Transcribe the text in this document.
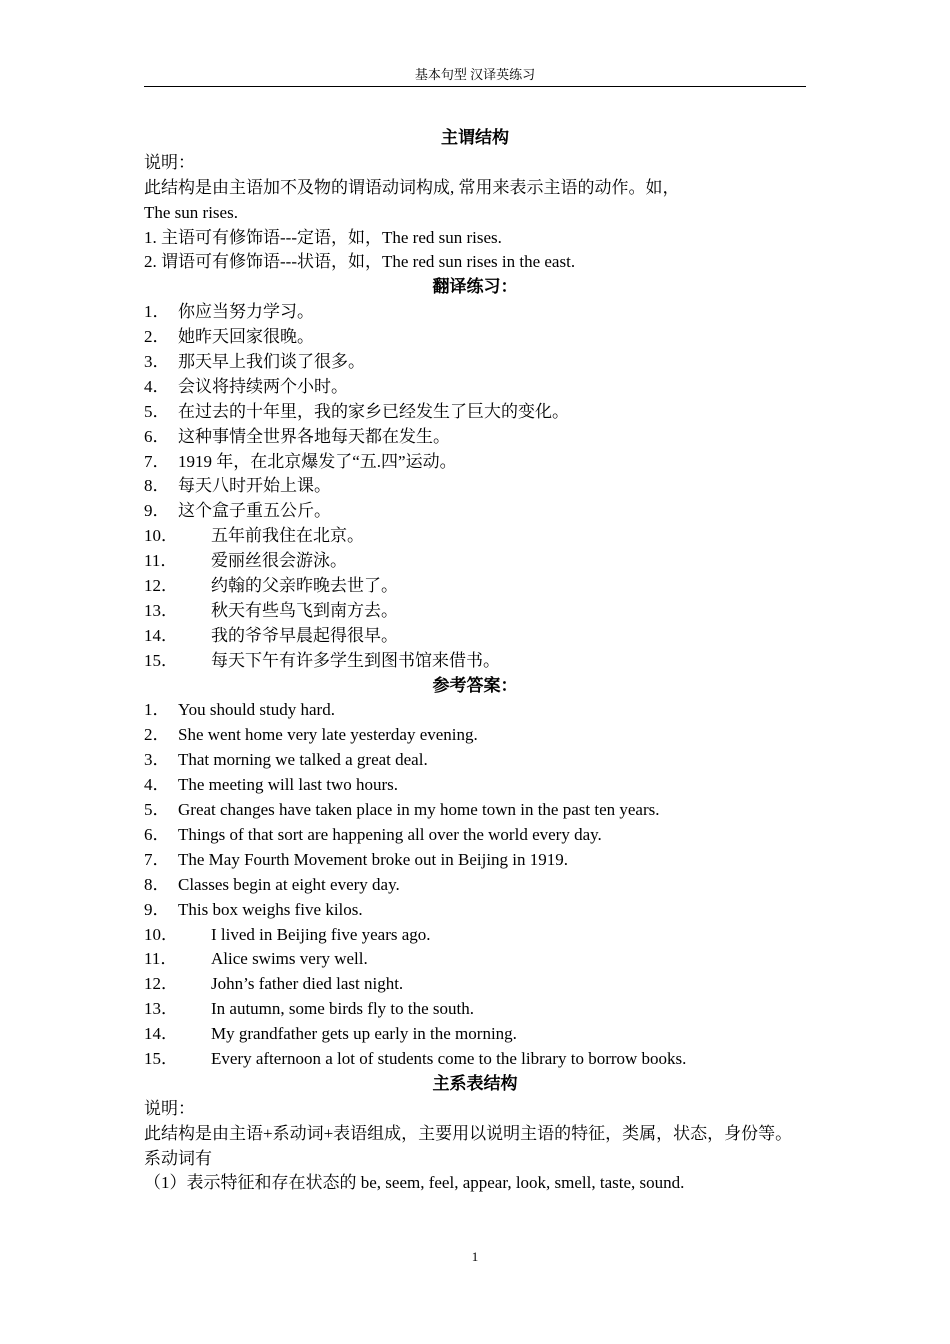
基本句型 汉译英练习
主谓结构
说明：
此结构是由主语加不及物的谓语动词构成, 常用来表示主语的动作。如，
The sun rises.
1. 主语可有修饰语---定语，如，The red sun rises.
2. 谓语可有修饰语---状语，如，The red sun rises in the east.
翻译练习：
1． 你应当努力学习。
2． 她昨天回家很晚。
3． 那天早上我们谈了很多。
4． 会议将持续两个小时。
5． 在过去的十年里，我的家乡已经发生了巨大的变化。
6． 这种事情全世界各地每天都在发生。
7． 1919 年，在北京爆发了“五.四”运动。
8． 每天八时开始上课。
9． 这个盒子重五公斤。
10． 五年前我住在北京。
11． 爱丽丝很会游泳。
12． 约翰的父亲昨晚去世了。
13． 秋天有些鸟飞到南方去。
14． 我的爷爷早晨起得很早。
15． 每天下午有许多学生到图书馆来借书。
参考答案：
1． You should study hard.
2． She went home very late yesterday evening.
3． That morning we talked a great deal.
4． The meeting will last two hours.
5． Great changes have taken place in my home town in the past ten years.
6． Things of that sort are happening all over the world every day.
7． The May Fourth Movement broke out in Beijing in 1919.
8． Classes begin at eight every day.
9． This box weighs five kilos.
10． I lived in Beijing five years ago.
11． Alice swims very well.
12． John’s father died last night.
13． In autumn, some birds fly to the south.
14． My grandfather gets up early in the morning.
15． Every afternoon a lot of students come to the library to borrow books.
主系表结构
说明：
此结构是由主语+系动词+表语组成，主要用以说明主语的特征，类属，状态，身份等。
系动词有
（1）表示特征和存在状态的 be, seem, feel, appear, look, smell, taste, sound.
1
